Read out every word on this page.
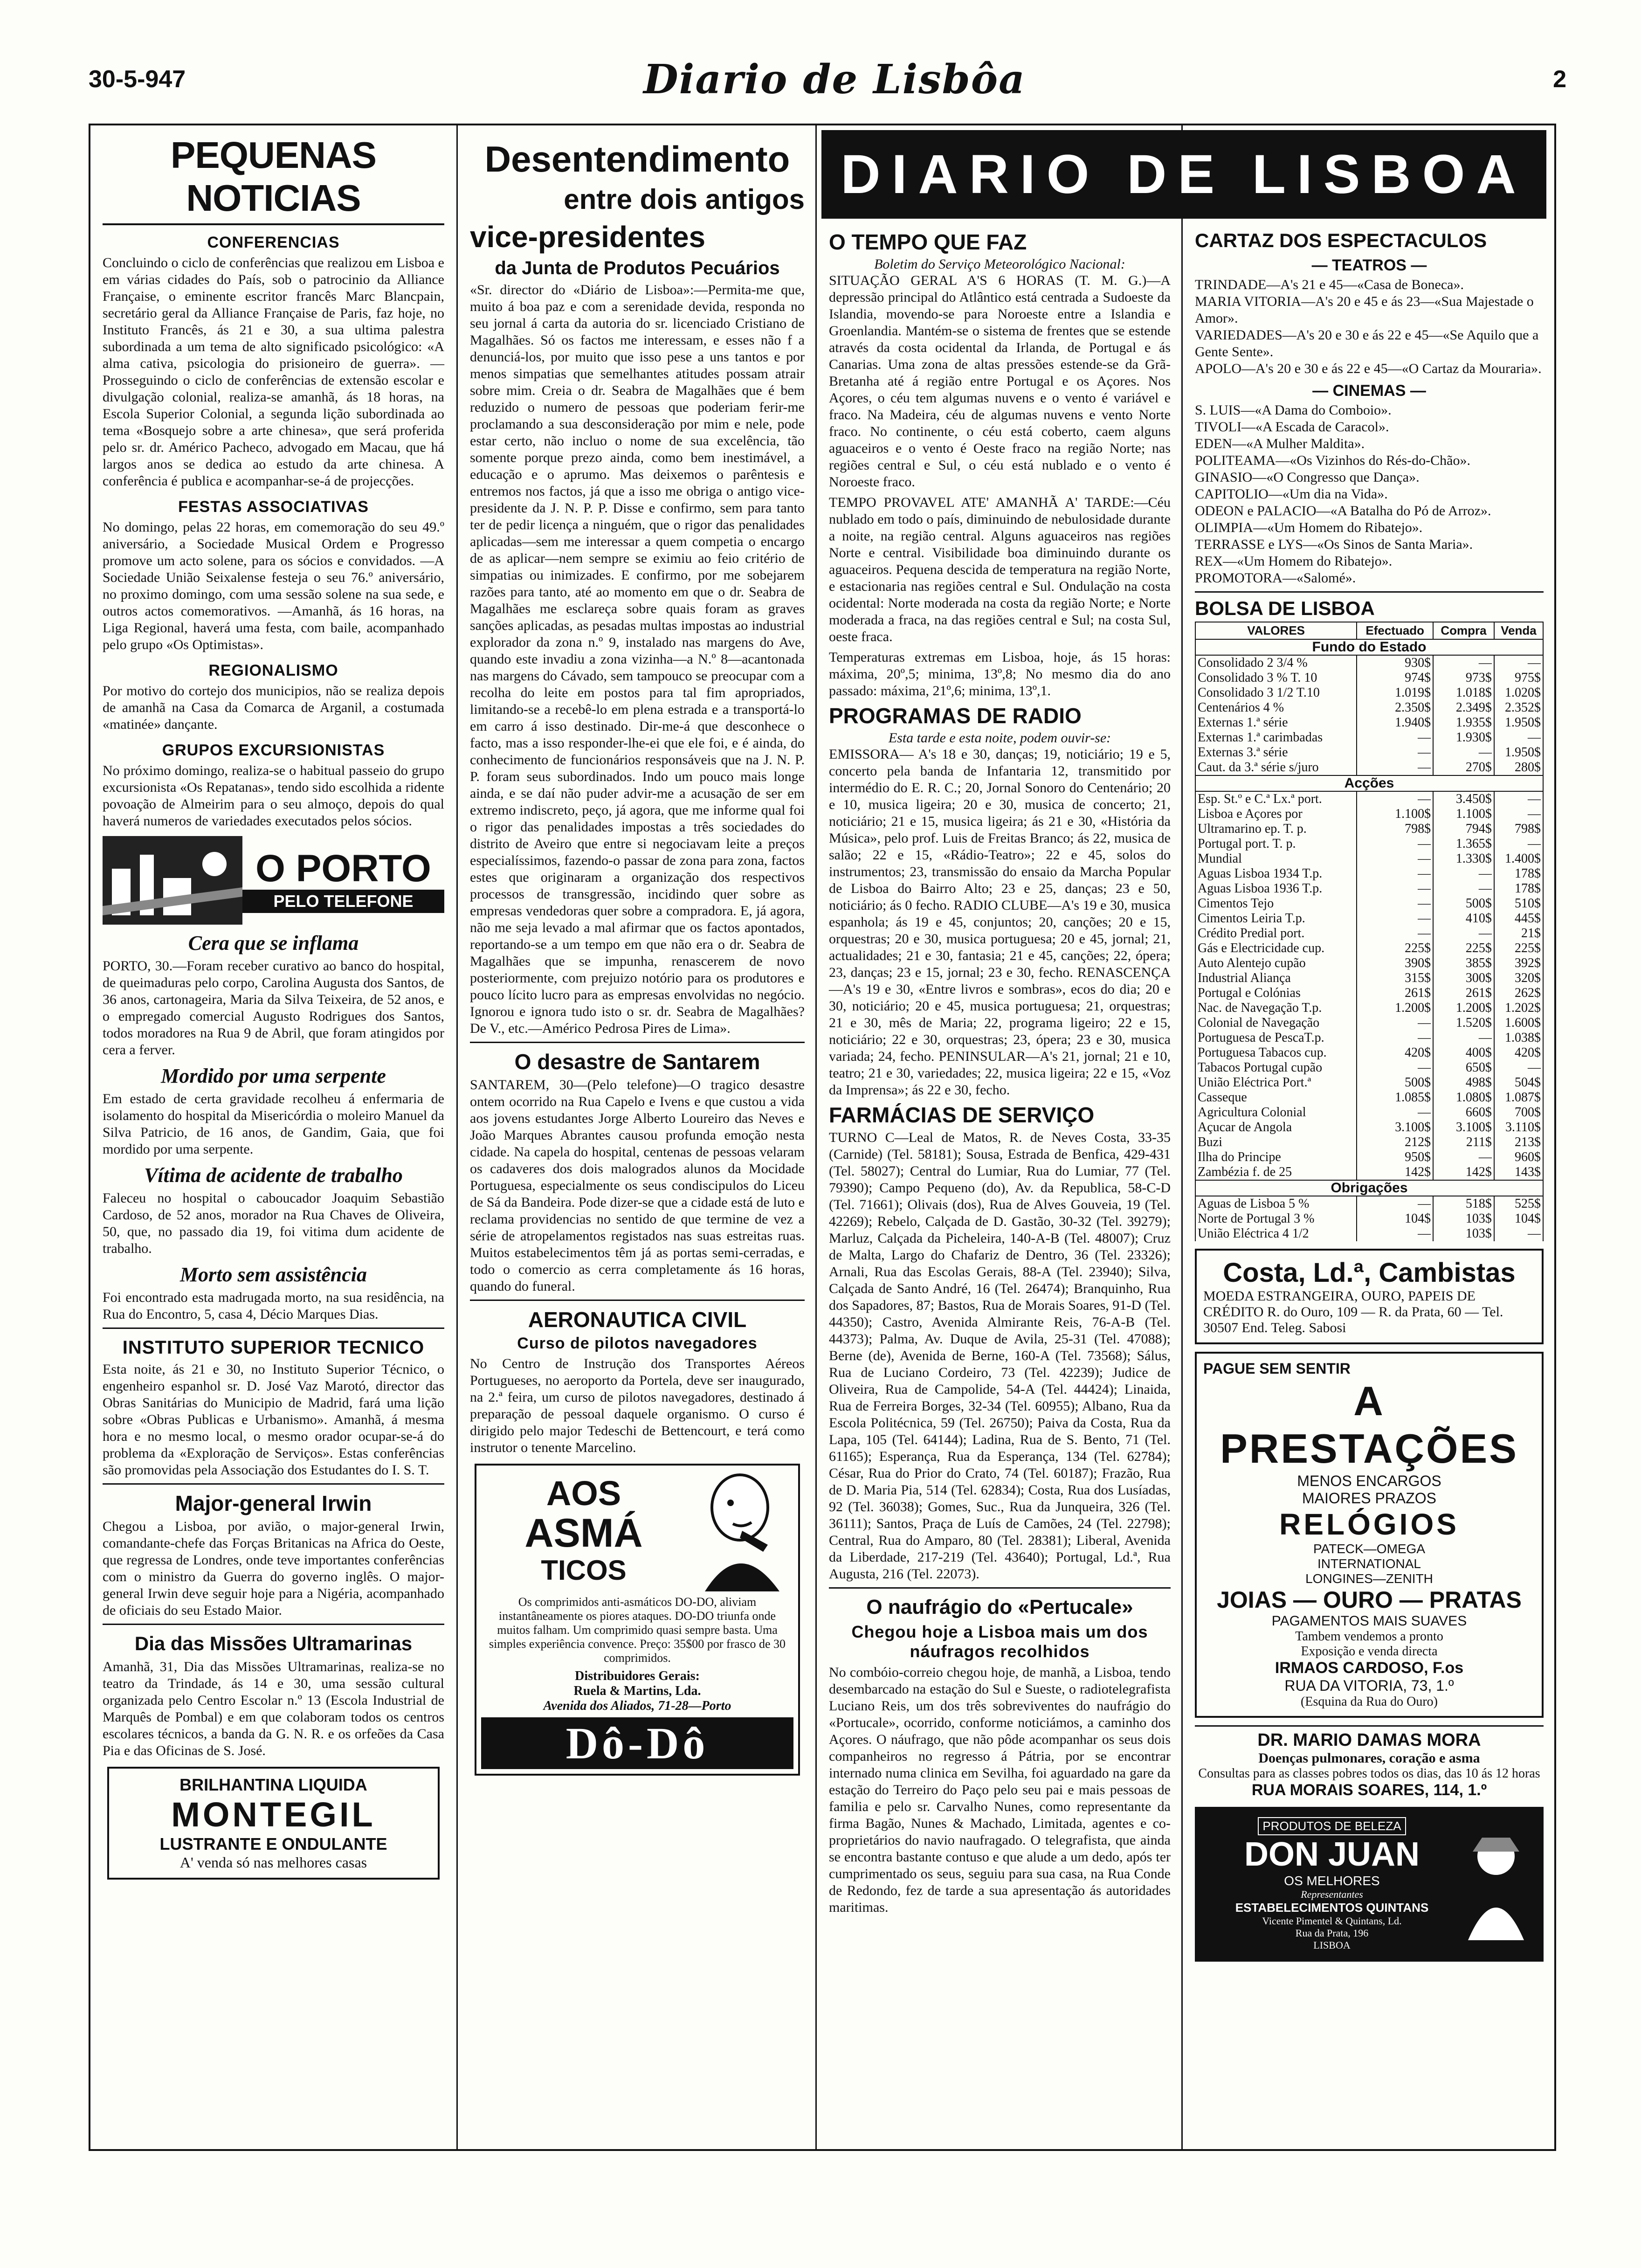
30-5-947	Diario de Lisbôa	2
PEQUENAS NOTICIAS
CONFERENCIAS

Concluindo o ciclo de conferências que realizou em Lisboa e em várias cidades do País, sob o patrocinio da Alliance Française, o eminente escritor francês Marc Blancpain, secretário geral da Alliance Française de Paris, faz hoje, no Instituto Francês, ás 21 e 30, a sua ultima palestra subordinada a um tema de alto significado psicológico: «A alma cativa, psicologia do prisioneiro de guerra». —Prosseguindo o ciclo de conferências de extensão escolar e divulgação colonial, realiza-se amanhã, ás 18 horas, na Escola Superior Colonial, a segunda lição subordinada ao tema «Bosquejo sobre a arte chinesa», que será proferida pelo sr. dr. Américo Pacheco, advogado em Macau, que há largos anos se dedica ao estudo da arte chinesa. A conferência é publica e acompanhar-se-á de projecções.

FESTAS ASSOCIATIVAS

No domingo, pelas 22 horas, em comemoração do seu 49.º aniversário, a Sociedade Musical Ordem e Progresso promove um acto solene, para os sócios e convidados. —A Sociedade União Seixalense festeja o seu 76.º aniversário, no proximo domingo, com uma sessão solene na sua sede, e outros actos comemorativos. —Amanhã, ás 16 horas, na Liga Regional, haverá uma festa, com baile, acompanhado pelo grupo «Os Optimistas».

REGIONALISMO

Por motivo do cortejo dos municipios, não se realiza depois de amanhã na Casa da Comarca de Arganil, a costumada «matinée» dançante.

GRUPOS EXCURSIONISTAS

No próximo domingo, realiza-se o habitual passeio do grupo excursionista «Os Repatanas», tendo sido escolhida a ridente povoação de Almeirim para o seu almoço, depois do qual haverá numeros de variedades executados pelos sócios.

O PORTO
PELO TELEFONE
Cera que se inflama

PORTO, 30.—Foram receber curativo ao banco do hospital, de queimaduras pelo corpo, Carolina Augusta dos Santos, de 36 anos, cartonageira, Maria da Silva Teixeira, de 52 anos, e o empregado comercial Augusto Rodrigues dos Santos, todos moradores na Rua 9 de Abril, que foram atingidos por cera a ferver.

Mordido por uma serpente

Em estado de certa gravidade recolheu á enfermaria de isolamento do hospital da Misericórdia o moleiro Manuel da Silva Patricio, de 16 anos, de Gandim, Gaia, que foi mordido por uma serpente.

Vítima de acidente de trabalho

Faleceu no hospital o caboucador Joaquim Sebastião Cardoso, de 52 anos, morador na Rua Chaves de Oliveira, 50, que, no passado dia 19, foi vitima dum acidente de trabalho.

Morto sem assistência

Foi encontrado esta madrugada morto, na sua residência, na Rua do Encontro, 5, casa 4, Décio Marques Dias.

INSTITUTO SUPERIOR TECNICO

Esta noite, ás 21 e 30, no Instituto Superior Técnico, o engenheiro espanhol sr. D. José Vaz Marotó, director das Obras Sanitárias do Municipio de Madrid, fará uma lição sobre «Obras Publicas e Urbanismo». Amanhã, á mesma hora e no mesmo local, o mesmo orador ocupar-se-á do problema da «Exploração de Serviços». Estas conferências são promovidas pela Associação dos Estudantes do I. S. T.

Major-general Irwin

Chegou a Lisboa, por avião, o major-general Irwin, comandante-chefe das Forças Britanicas na Africa do Oeste, que regressa de Londres, onde teve importantes conferências com o ministro da Guerra do governo inglês. O major-general Irwin deve seguir hoje para a Nigéria, acompanhado de oficiais do seu Estado Maior.

Dia das Missões Ultramarinas

Amanhã, 31, Dia das Missões Ultramarinas, realiza-se no teatro da Trindade, ás 14 e 30, uma sessão cultural organizada pelo Centro Escolar n.º 13 (Escola Industrial de Marquês de Pombal) e em que colaboram todos os centros escolares técnicos, a banda da G. N. R. e os orfeões da Casa Pia e das Oficinas de S. José.

BRILHANTINA LIQUIDA
MONTEGIL
LUSTRANTE E ONDULANTE
A' venda só nas melhores casas
Desentendimento
entre dois antigos
vice-presidentes
da Junta de Produtos Pecuários

«Sr. director do «Diário de Lisboa»:—Permita-me que, muito á boa paz e com a serenidade devida, responda no seu jornal á carta da autoria do sr. licenciado Cristiano de Magalhães. Só os factos me interessam, e esses não f a denunciá-los, por muito que isso pese a uns tantos e por menos simpatias que semelhantes atitudes possam atrair sobre mim. Creia o dr. Seabra de Magalhães que é bem reduzido o numero de pessoas que poderiam ferir-me proclamando a sua desconsideração por mim e nele, pode estar certo, não incluo o nome de sua excelência, tão somente porque prezo ainda, como bem inestimável, a educação e o aprumo. Mas deixemos o parêntesis e entremos nos factos, já que a isso me obriga o antigo vice-presidente da J. N. P. P. Disse e confirmo, sem para tanto ter de pedir licença a ninguém, que o rigor das penalidades aplicadas—sem me interessar a quem competia o encargo de as aplicar—nem sempre se eximiu ao feio critério de simpatias ou inimizades. E confirmo, por me sobejarem razões para tanto, até ao momento em que o dr. Seabra de Magalhães me esclareça sobre quais foram as graves sanções aplicadas, as pesadas multas impostas ao industrial explorador da zona n.º 9, instalado nas margens do Ave, quando este invadiu a zona vizinha—a N.º 8—acantonada nas margens do Cávado, sem tampouco se preocupar com a recolha do leite em postos para tal fim apropriados, limitando-se a recebê-lo em plena estrada e a transportá-lo em carro á isso destinado. Dir-me-á que desconhece o facto, mas a isso responder-lhe-ei que ele foi, e é ainda, do conhecimento de funcionários responsáveis que na J. N. P. P. foram seus subordinados. Indo um pouco mais longe ainda, e se daí não puder advir-me a acusação de ser em extremo indiscreto, peço, já agora, que me informe qual foi o rigor das penalidades impostas a três sociedades do distrito de Aveiro que entre si negociavam leite a preços especialíssimos, fazendo-o passar de zona para zona, factos estes que originaram a organização dos respectivos processos de transgressão, incidindo quer sobre as empresas vendedoras quer sobre a compradora. E, já agora, não me seja levado a mal afirmar que os factos apontados, reportando-se a um tempo em que não era o dr. Seabra de Magalhães que se impunha, renascerem de novo posteriormente, com prejuizo notório para os produtores e pouco lícito lucro para as empresas envolvidas no negócio. Ignorou e ignora tudo isto o sr. dr. Seabra de Magalhães? De V., etc.—Américo Pedrosa Pires de Lima».

O desastre de Santarem

SANTAREM, 30—(Pelo telefone)—O tragico desastre ontem ocorrido na Rua Capelo e Ivens e que custou a vida aos jovens estudantes Jorge Alberto Loureiro das Neves e João Marques Abrantes causou profunda emoção nesta cidade. Na capela do hospital, centenas de pessoas velaram os cadaveres dos dois malogrados alunos da Mocidade Portuguesa, especialmente os seus condiscipulos do Liceu de Sá da Bandeira. Pode dizer-se que a cidade está de luto e reclama providencias no sentido de que termine de vez a série de atropelamentos registados nas suas estreitas ruas. Muitos estabelecimentos têm já as portas semi-cerradas, e todo o comercio as cerra completamente ás 16 horas, quando do funeral.

AERONAUTICA CIVIL
Curso de pilotos navegadores

No Centro de Instrução dos Transportes Aéreos Portugueses, no aeroporto da Portela, deve ser inaugurado, na 2.ª feira, um curso de pilotos navegadores, destinado á preparação de pessoal daquele organismo. O curso é dirigido pelo major Tedeschi de Bettencourt, e terá como instrutor o tenente Marcelino.

AOS
ASMÁ
TICOS

Os comprimidos anti-asmáticos DO-DO, aliviam instantâneamente os piores ataques. DO-DO triunfa onde muitos falham. Um comprimido quasi sempre basta. Uma simples experiência convence. Preço: 35$00 por frasco de 30 comprimidos.

Distribuidores Gerais:
Ruela & Martins, Lda.
Avenida dos Aliados, 71-28—Porto
Dô-Dô
DIARIO DE LISBOA
O TEMPO QUE FAZ
Boletim do Serviço Meteorológico Nacional:

SITUAÇÃO GERAL A'S 6 HORAS (T. M. G.)—A depressão principal do Atlântico está centrada a Sudoeste da Islandia, movendo-se para Noroeste entre a Islandia e Groenlandia. Mantém-se o sistema de frentes que se estende através da costa ocidental da Irlanda, de Portugal e ás Canarias. Uma zona de altas pressões estende-se da Grã-Bretanha até á região entre Portugal e os Açores. Nos Açores, o céu tem algumas nuvens e o vento é variável e fraco. Na Madeira, céu de algumas nuvens e vento Norte fraco. No continente, o céu está coberto, caem alguns aguaceiros e o vento é Oeste fraco na região Norte; nas regiões central e Sul, o céu está nublado e o vento é Noroeste fraco.

TEMPO PROVAVEL ATE' AMANHÃ A' TARDE:—Céu nublado em todo o país, diminuindo de nebulosidade durante a noite, na região central. Alguns aguaceiros nas regiões Norte e central. Visibilidade boa diminuindo durante os aguaceiros. Pequena descida de temperatura na região Norte, e estacionaria nas regiões central e Sul. Ondulação na costa ocidental: Norte moderada na costa da região Norte; e Norte moderada a fraca, na das regiões central e Sul; na costa Sul, oeste fraca.

Temperaturas extremas em Lisboa, hoje, ás 15 horas: máxima, 20º,5; minima, 13º,8; No mesmo dia do ano passado: máxima, 21º,6; minima, 13º,1.

PROGRAMAS DE RADIO
Esta tarde e esta noite, podem ouvir-se:

EMISSORA— A's 18 e 30, danças; 19, noticiário; 19 e 5, concerto pela banda de Infantaria 12, transmitido por intermédio do E. R. C.; 20, Jornal Sonoro do Centenário; 20 e 10, musica ligeira; 20 e 30, musica de concerto; 21, noticiário; 21 e 15, musica ligeira; ás 21 e 30, «História da Música», pelo prof. Luis de Freitas Branco; ás 22, musica de salão; 22 e 15, «Rádio-Teatro»; 22 e 45, solos do instrumentos; 23, transmissão do ensaio da Marcha Popular de Lisboa do Bairro Alto; 23 e 25, danças; 23 e 50, noticiário; ás 0 fecho. RADIO CLUBE—A's 19 e 30, musica espanhola; ás 19 e 45, conjuntos; 20, canções; 20 e 15, orquestras; 20 e 30, musica portuguesa; 20 e 45, jornal; 21, actualidades; 21 e 30, fantasia; 21 e 45, canções; 22, ópera; 23, danças; 23 e 15, jornal; 23 e 30, fecho. RENASCENÇA—A's 19 e 30, «Entre livros e sombras», ecos do dia; 20 e 30, noticiário; 20 e 45, musica portuguesa; 21, orquestras; 21 e 30, mês de Maria; 22, programa ligeiro; 22 e 15, noticiário; 22 e 30, orquestras; 23, ópera; 23 e 30, musica variada; 24, fecho. PENINSULAR—A's 21, jornal; 21 e 10, teatro; 21 e 30, variedades; 22, musica ligeira; 22 e 15, «Voz da Imprensa»; ás 22 e 30, fecho.

FARMÁCIAS DE SERVIÇO

TURNO C—Leal de Matos, R. de Neves Costa, 33-35 (Carnide) (Tel. 58181); Sousa, Estrada de Benfica, 429-431 (Tel. 58027); Central do Lumiar, Rua do Lumiar, 77 (Tel. 79390); Campo Pequeno (do), Av. da Republica, 58-C-D (Tel. 71661); Olivais (dos), Rua de Alves Gouveia, 19 (Tel. 42269); Rebelo, Calçada de D. Gastão, 30-32 (Tel. 39279); Marluz, Calçada da Picheleira, 140-A-B (Tel. 48007); Cruz de Malta, Largo do Chafariz de Dentro, 36 (Tel. 23326); Arnali, Rua das Escolas Gerais, 88-A (Tel. 23940); Silva, Calçada de Santo André, 16 (Tel. 26474); Branquinho, Rua dos Sapadores, 87; Bastos, Rua de Morais Soares, 91-D (Tel. 44350); Castro, Avenida Almirante Reis, 76-A-B (Tel. 44373); Palma, Av. Duque de Avila, 25-31 (Tel. 47088); Berne (de), Avenida de Berne, 160-A (Tel. 73568); Sálus, Rua de Luciano Cordeiro, 73 (Tel. 42239); Judice de Oliveira, Rua de Campolide, 54-A (Tel. 44424); Linaida, Rua de Ferreira Borges, 32-34 (Tel. 60955); Albano, Rua da Escola Politécnica, 59 (Tel. 26750); Paiva da Costa, Rua da Lapa, 105 (Tel. 64144); Ladina, Rua de S. Bento, 71 (Tel. 61165); Esperança, Rua da Esperança, 134 (Tel. 62784); César, Rua do Prior do Crato, 74 (Tel. 60187); Frazão, Rua de D. Maria Pia, 514 (Tel. 62834); Costa, Rua dos Lusíadas, 92 (Tel. 36038); Gomes, Suc., Rua da Junqueira, 326 (Tel. 36111); Santos, Praça de Luís de Camões, 24 (Tel. 22798); Central, Rua do Amparo, 80 (Tel. 28381); Liberal, Avenida da Liberdade, 217-219 (Tel. 43640); Portugal, Ld.ª, Rua Augusta, 216 (Tel. 22073).

O naufrágio do «Pertucale»
Chegou hoje a Lisboa mais um dos náufragos recolhidos

No combóio-correio chegou hoje, de manhã, a Lisboa, tendo desembarcado na estação do Sul e Sueste, o radiotelegrafista Luciano Reis, um dos três sobreviventes do naufrágio do «Portucale», ocorrido, conforme noticiámos, a caminho dos Açores. O náufrago, que não pôde acompanhar os seus dois companheiros no regresso á Pátria, por se encontrar internado numa clinica em Sevilha, foi aguardado na gare da estação do Terreiro do Paço pelo seu pai e mais pessoas de familia e pelo sr. Carvalho Nunes, como representante da firma Bagão, Nunes & Machado, Limitada, agentes e co-proprietários do navio naufragado. O telegrafista, que ainda se encontra bastante contuso e que alude a um dedo, após ter cumprimentado os seus, seguiu para sua casa, na Rua Conde de Redondo, fez de tarde a sua apresentação ás autoridades maritimas.

CARTAZ DOS ESPECTACULOS
— TEATROS —

TRINDADE—A's 21 e 45—«Casa de Boneca».

MARIA VITORIA—A's 20 e 45 e ás 23—«Sua Majestade o Amor».

VARIEDADES—A's 20 e 30 e ás 22 e 45—«Se Aquilo que a Gente Sente».

APOLO—A's 20 e 30 e ás 22 e 45—«O Cartaz da Mouraria».

— CINEMAS —

S. LUIS—«A Dama do Comboio».

TIVOLI—«A Escada de Caracol».

EDEN—«A Mulher Maldita».

POLITEAMA—«Os Vizinhos do Rés-do-Chão».

GINASIO—«O Congresso que Dança».

CAPITOLIO—«Um dia na Vida».

ODEON e PALACIO—«A Batalha do Pó de Arroz».

OLIMPIA—«Um Homem do Ribatejo».

TERRASSE e LYS—«Os Sinos de Santa Maria».

REX—«Um Homem do Ribatejo».

PROMOTORA—«Salomé».

BOLSA DE LISBOA
VALORES	Efectuado	Compra	Venda
Fundo do Estado			
Consolidado 2 3/4 %	930$	—	—
Consolidado 3 % T. 10	974$	973$	975$
Consolidado 3 1/2 T.10	1.019$	1.018$	1.020$
Centenários 4 %	2.350$	2.349$	2.352$
Externas 1.ª série	1.940$	1.935$	1.950$
Externas 1.ª carimbadas	—	1.930$	—
Externas 3.ª série	—	—	1.950$
Caut. da 3.ª série s/juro	—	270$	280$
Acções			
Esp. St.º e C.ª Lx.ª port.	—	3.450$	—
Lisboa e Açores por	1.100$	1.100$	—
Ultramarino ep. T. p.	798$	794$	798$
Portugal port. T. p.	—	1.365$	—
Mundial	—	1.330$	1.400$
Aguas Lisboa 1934 T.p.	—	—	178$
Aguas Lisboa 1936 T.p.	—	—	178$
Cimentos Tejo	—	500$	510$
Cimentos Leiria T.p.	—	410$	445$
Crédito Predial port.	—	—	21$
Gás e Electricidade cup.	225$	225$	225$
Auto Alentejo cupão	390$	385$	392$
Industrial Aliança	315$	300$	320$
Portugal e Colónias	261$	261$	262$
Nac. de Navegação T.p.	1.200$	1.200$	1.202$
Colonial de Navegação	—	1.520$	1.600$
Portuguesa de PescaT.p.	—	—	1.038$
Portuguesa Tabacos cup.	420$	400$	420$
Tabacos Portugal cupão	—	650$	—
União Eléctrica Port.ª	500$	498$	504$
Casseque	1.085$	1.080$	1.087$
Agricultura Colonial	—	660$	700$
Açucar de Angola	3.100$	3.100$	3.110$
Buzi	212$	211$	213$
Ilha do Principe	950$	—	960$
Zambézia f. de 25	142$	142$	143$
Obrigações			
Aguas de Lisboa 5 %	—	518$	525$
Norte de Portugal 3 %	104$	103$	104$
União Eléctrica 4 1/2	—	103$	—
Costa, Ld.ª, Cambistas
MOEDA ESTRANGEIRA, OURO, PAPEIS DE CRÉDITO R. do Ouro, 109 — R. da Prata, 60 — Tel. 30507 End. Teleg. Sabosi
PAGUE SEM SENTIR
A PRESTAÇÕES
MENOS ENCARGOS
MAIORES PRAZOS
RELÓGIOS
PATECK—OMEGA
INTERNATIONAL
LONGINES—ZENITH
JOIAS — OURO — PRATAS
PAGAMENTOS MAIS SUAVES
Tambem vendemos a pronto
Exposição e venda directa
IRMAOS CARDOSO, F.os
RUA DA VITORIA, 73, 1.º
(Esquina da Rua do Ouro)
DR. MARIO DAMAS MORA
Doenças pulmonares, coração e asma
Consultas para as classes pobres todos os dias, das 10 ás 12 horas
RUA MORAIS SOARES, 114, 1.º
PRODUTOS DE BELEZA
DON JUAN
OS MELHORES
Representantes
ESTABELECIMENTOS QUINTANS
Vicente Pimentel & Quintans, Ld.
Rua da Prata, 196
LISBOA
